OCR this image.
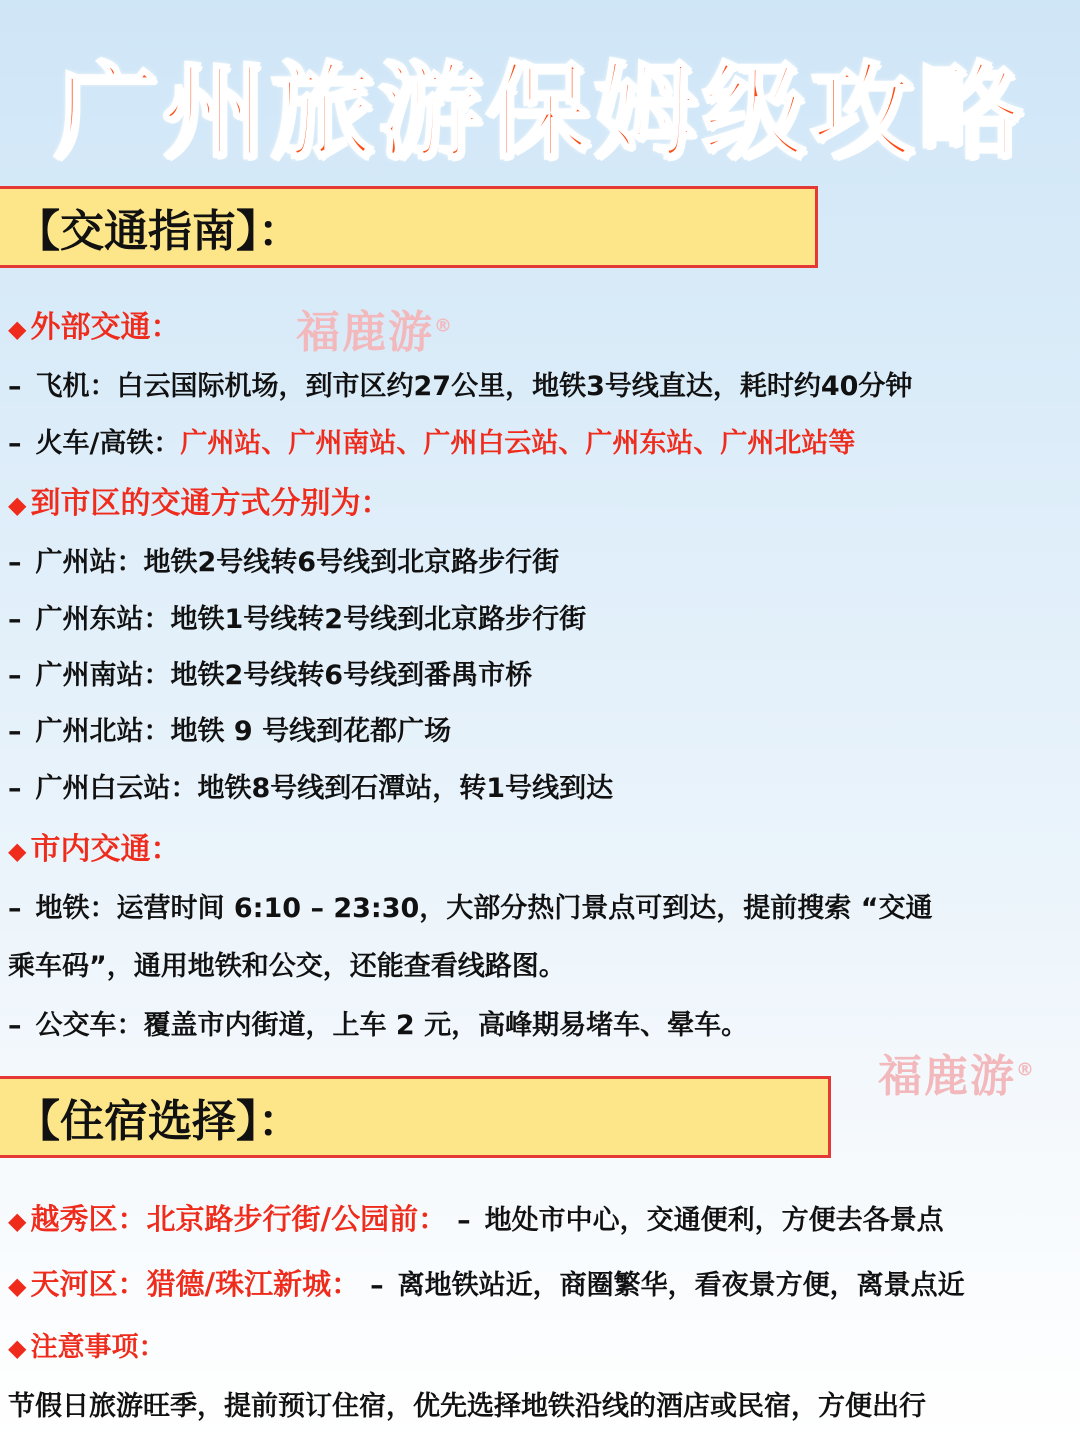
广州旅游保姆级攻略
【交通指南】：
◆ 外部交通：	福鹿游®
– 飞机：白云国际机场，到市区约27公里，地铁3号线直达，耗时约40分钟
– 火车/高铁：广州站、广州南站、广州白云站、广州东站、广州北站等
◆ 到市区的交通方式分别为：
– 广州站：地铁2号线转6号线到北京路步行街
– 广州东站：地铁1号线转2号线到北京路步行街
– 广州南站：地铁2号线转6号线到番禺市桥
– 广州北站：地铁 9 号线到花都广场
– 广州白云站：地铁8号线到石潭站，转1号线到达
◆ 市内交通：
– 地铁：运营时间 6:10 – 23:30，大部分热门景点可到达，提前搜索 “交通
乘车码”，通用地铁和公交，还能查看线路图。
– 公交车：覆盖市内街道，上车 2 元，高峰期易堵车、晕车。
福鹿游®
【住宿选择】：
◆ 越秀区：北京路步行街/公园前： – 地处市中心，交通便利，方便去各景点
◆ 天河区：猎德/珠江新城： – 离地铁站近，商圈繁华，看夜景方便，离景点近
◆ 注意事项：
节假日旅游旺季，提前预订住宿，优先选择地铁沿线的酒店或民宿，方便出行
